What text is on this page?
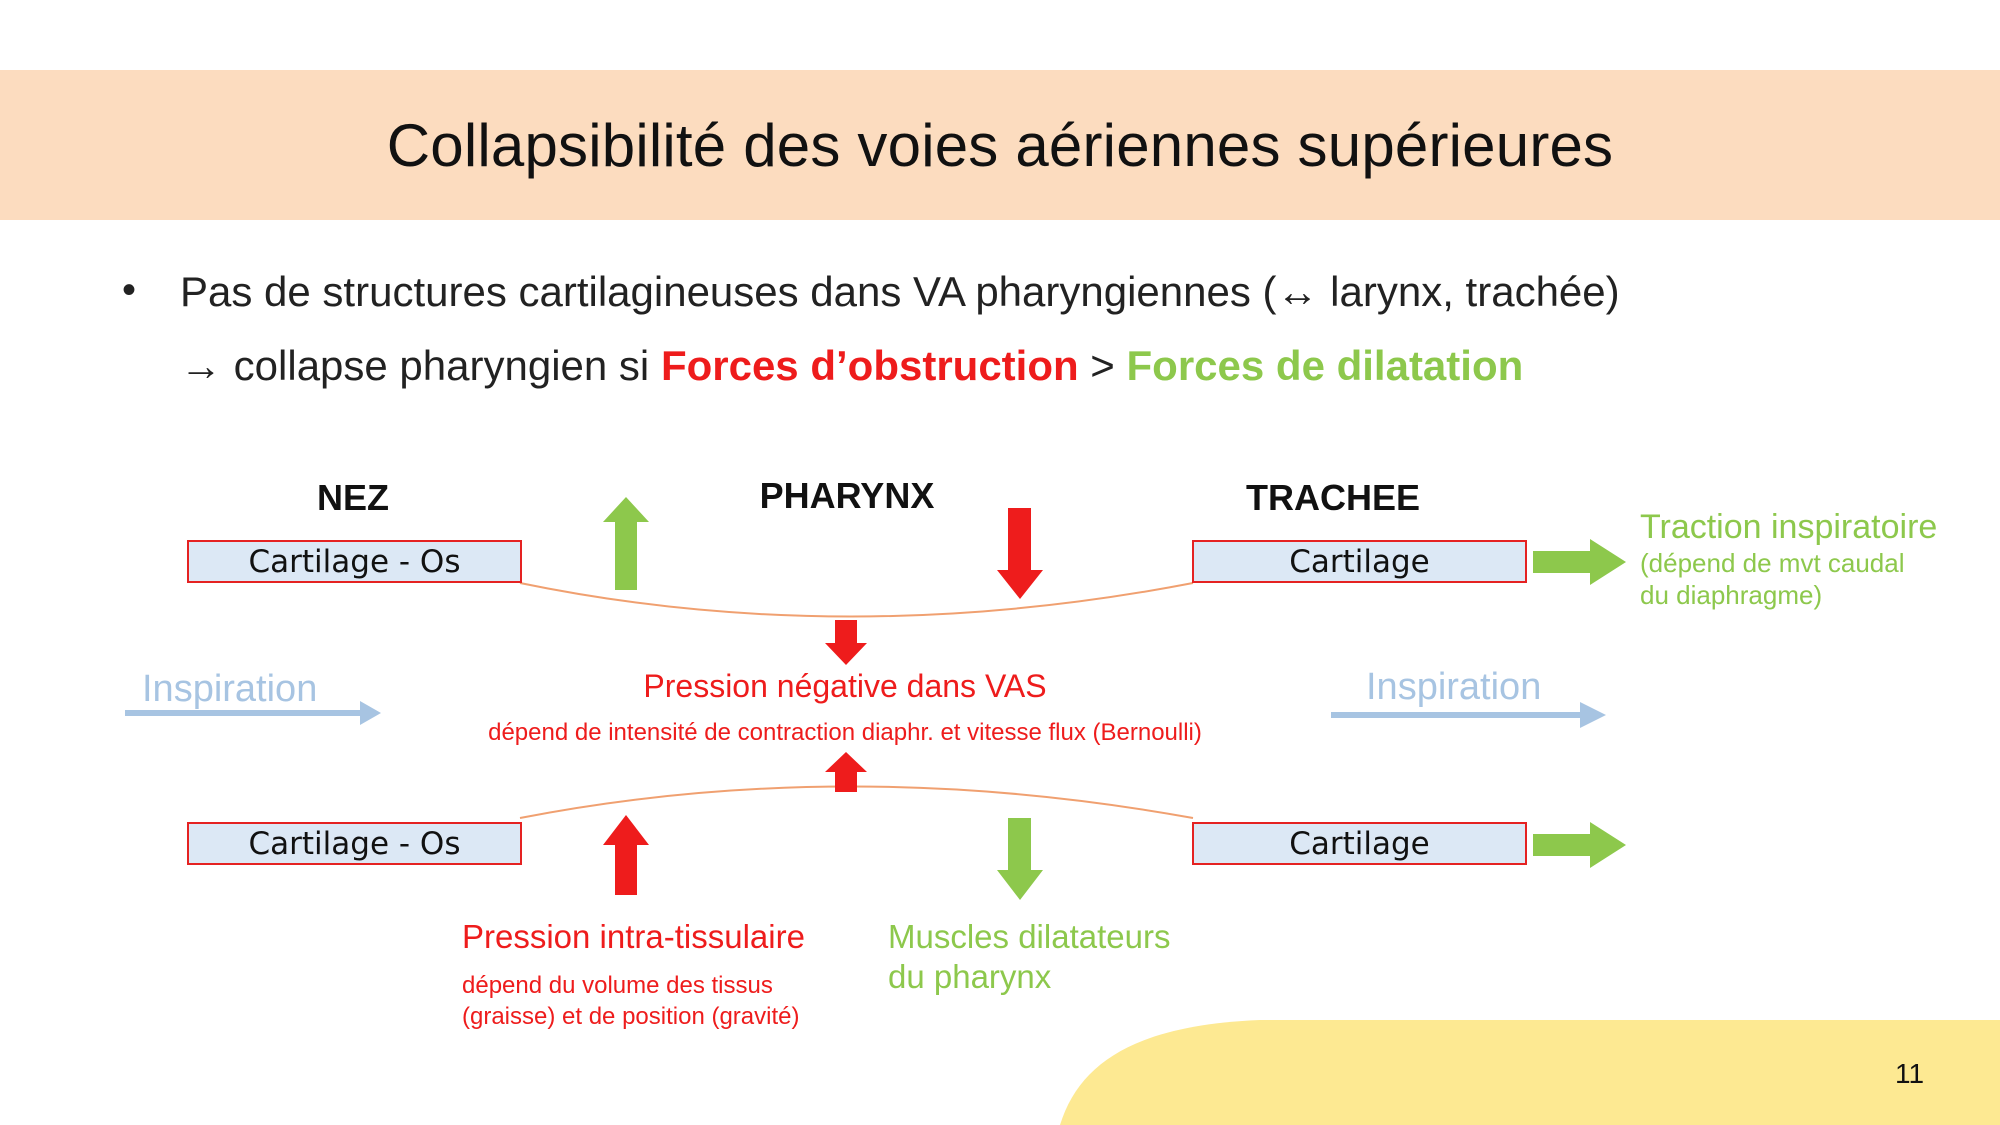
Collapsibilité des voies aériennes supérieures
• Pas de structures cartilagineuses dans VA pharyngiennes (↔ larynx, trachée)
→ collapse pharyngien si Forces d’obstruction > Forces de dilatation
NEZ	PHARYNX	TRACHEE
Cartilage - Os	Cartilage
Cartilage - Os	Cartilage
Traction inspiratoire
(dépend de mvt caudal
du diaphragme)
Inspiration	Inspiration
Pression négative dans VAS
dépend de intensité de contraction diaphr. et vitesse flux (Bernoulli)
Pression intra-tissulaire
dépend du volume des tissus
(graisse) et de position (gravité)
Muscles dilatateurs
du pharynx
11
